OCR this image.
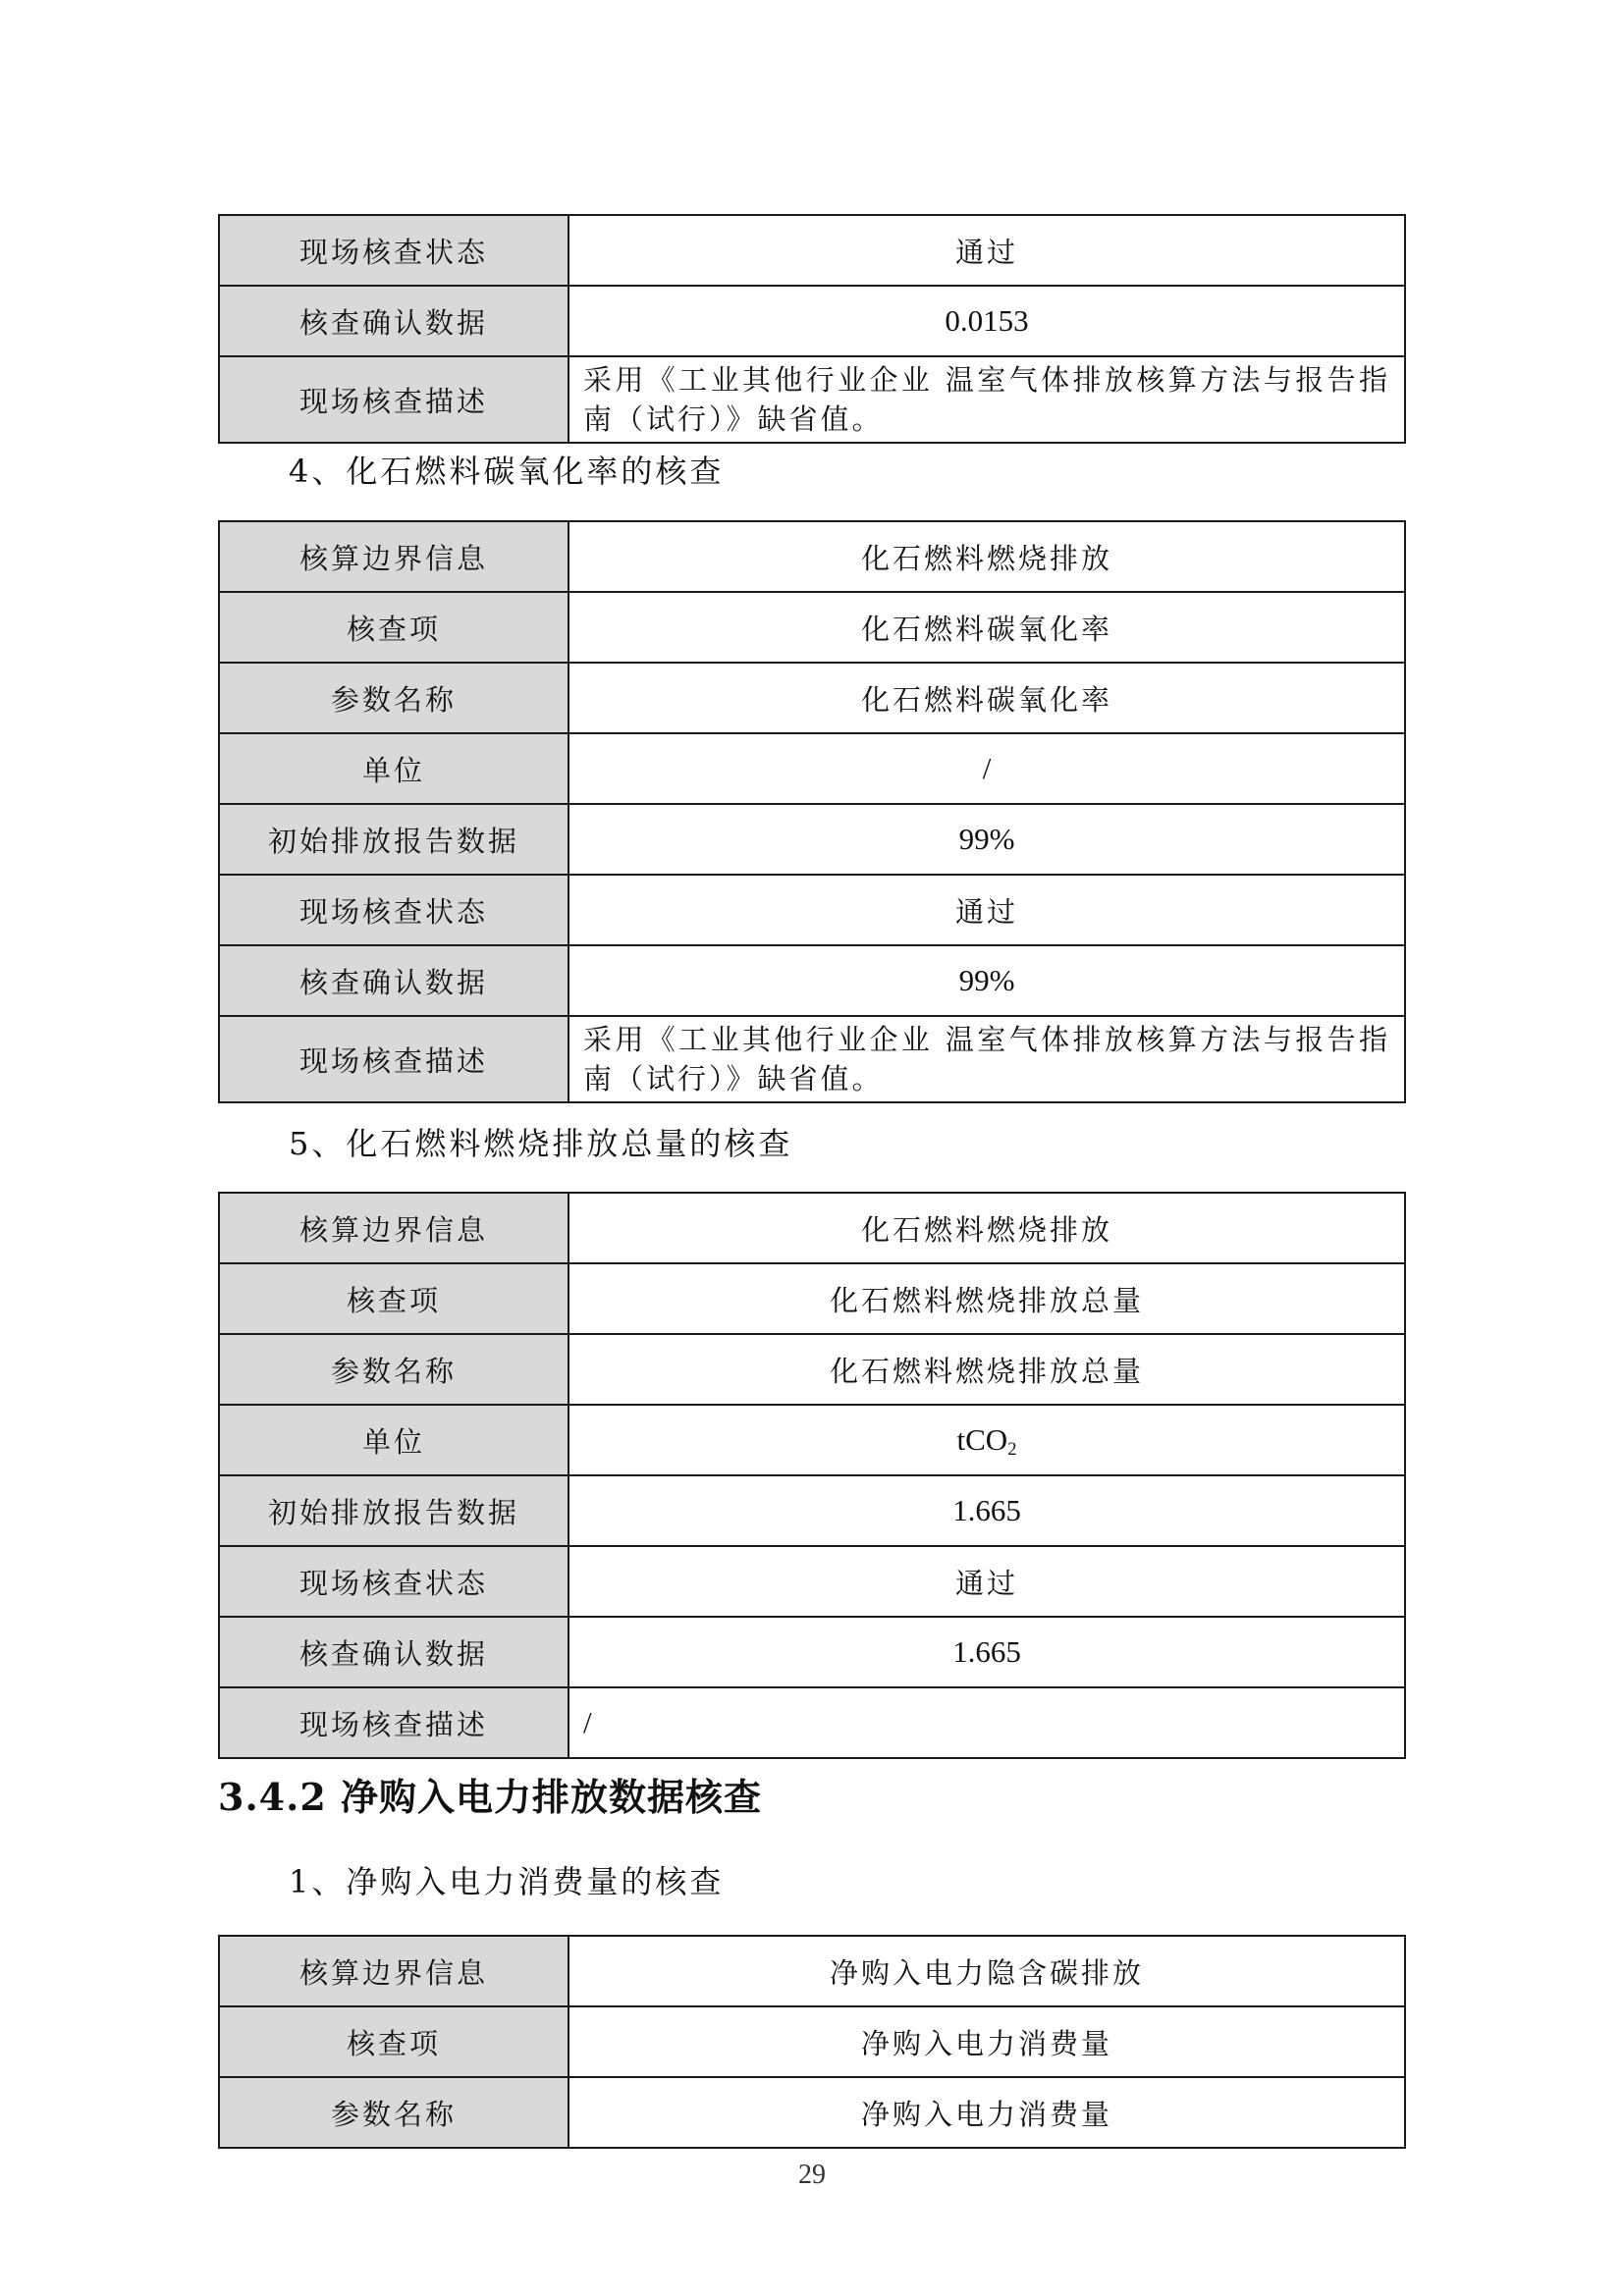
现场核查状态	通过
核查确认数据	0.0153
现场核查描述	采用《工业其他行业企业 温室气体排放核算方法与报告指南（试行）》缺省值。
4、化石燃料碳氧化率的核查
核算边界信息	化石燃料燃烧排放
核查项	化石燃料碳氧化率
参数名称	化石燃料碳氧化率
单位	/
初始排放报告数据	99%
现场核查状态	通过
核查确认数据	99%
现场核查描述	采用《工业其他行业企业 温室气体排放核算方法与报告指南（试行）》缺省值。
5、化石燃料燃烧排放总量的核查
核算边界信息	化石燃料燃烧排放
核查项	化石燃料燃烧排放总量
参数名称	化石燃料燃烧排放总量
单位	tCO$_2$
初始排放报告数据	1.665
现场核查状态	通过
核查确认数据	1.665
现场核查描述	/
3.4.2 净购入电力排放数据核查
1、净购入电力消费量的核查
核算边界信息	净购入电力隐含碳排放
核查项	净购入电力消费量
参数名称	净购入电力消费量
29
